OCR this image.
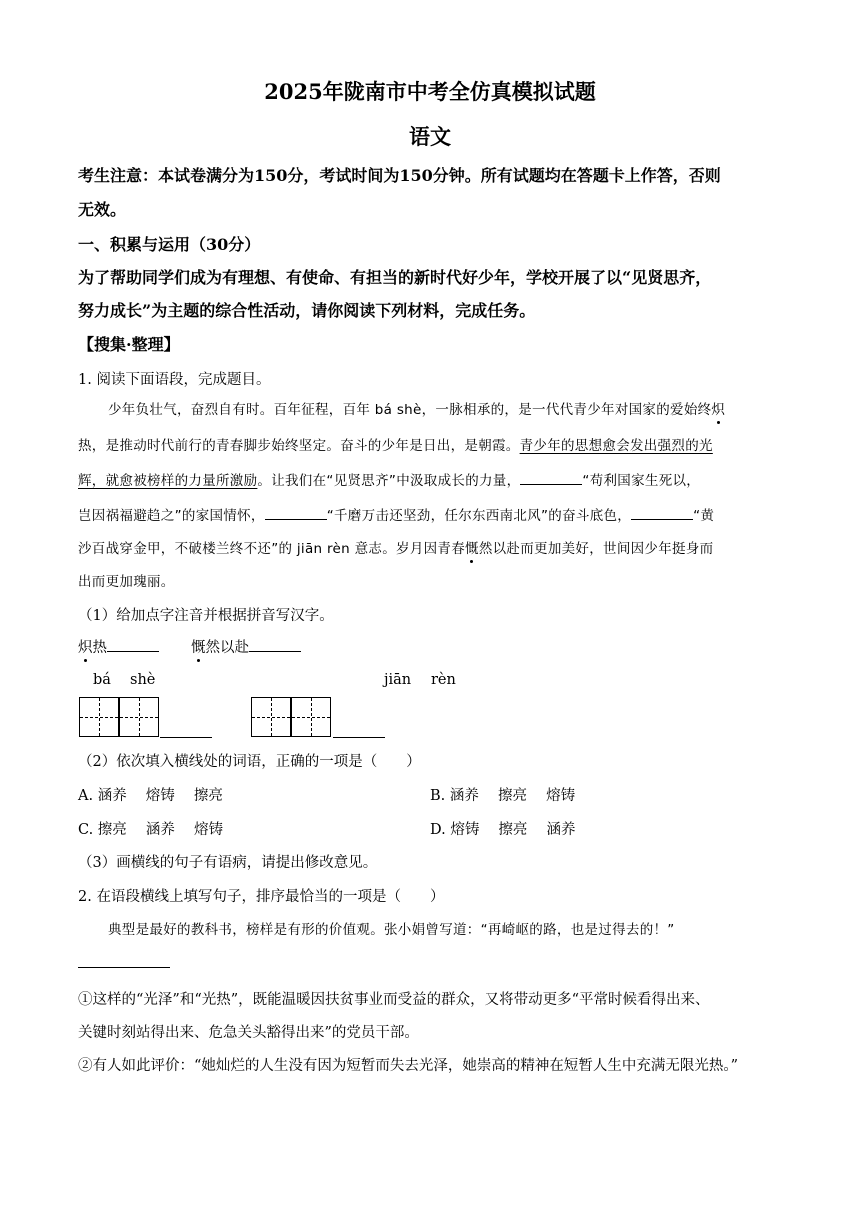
2025年陇南市中考全仿真模拟试题
语文
考生注意：本试卷满分为150分，考试时间为150分钟。所有试题均在答题卡上作答，否则
无效。
一、积累与运用（30分）
为了帮助同学们成为有理想、有使命、有担当的新时代好少年，学校开展了以“见贤思齐，
努力成长”为主题的综合性活动，请你阅读下列材料，完成任务。
【搜集·整理】
1. 阅读下面语段，完成题目。
少年负壮气，奋烈自有时。百年征程，百年 bá shè，一脉相承的，是一代代青少年对国家的爱始终炽
热，是推动时代前行的青春脚步始终坚定。奋斗的少年是日出，是朝霞。青少年的思想愈会发出强烈的光
辉，就愈被榜样的力量所激励。让我们在“见贤思齐”中汲取成长的力量，	“苟利国家生死以，
岂因祸福避趋之”的家国情怀，	“千磨万击还坚劲，任尔东西南北风”的奋斗底色，	“黄
沙百战穿金甲，不破楼兰终不还”的 jiān rèn 意志。岁月因青春慨然以赴而更加美好，世间因少年挺身而
出而更加瑰丽。
（1）给加点字注音并根据拼音写汉字。
炽热	慨然以赴
bá shè	jiān rèn
（2）依次填入横线处的词语，正确的一项是（　　）
A. 涵养　 熔铸　 擦亮	B. 涵养　 擦亮　 熔铸
C. 擦亮　 涵养　 熔铸	D. 熔铸　 擦亮　 涵养
（3）画横线的句子有语病，请提出修改意见。
2. 在语段横线上填写句子，排序最恰当的一项是（　　）
典型是最好的教科书，榜样是有形的价值观。张小娟曾写道：“再崎岖的路，也是过得去的！”
①这样的“光泽”和“光热”，既能温暖因扶贫事业而受益的群众，又将带动更多“平常时候看得出来、
关键时刻站得出来、危急关头豁得出来”的党员干部。
②有人如此评价：“她灿烂的人生没有因为短暂而失去光泽，她崇高的精神在短暂人生中充满无限光热。”
